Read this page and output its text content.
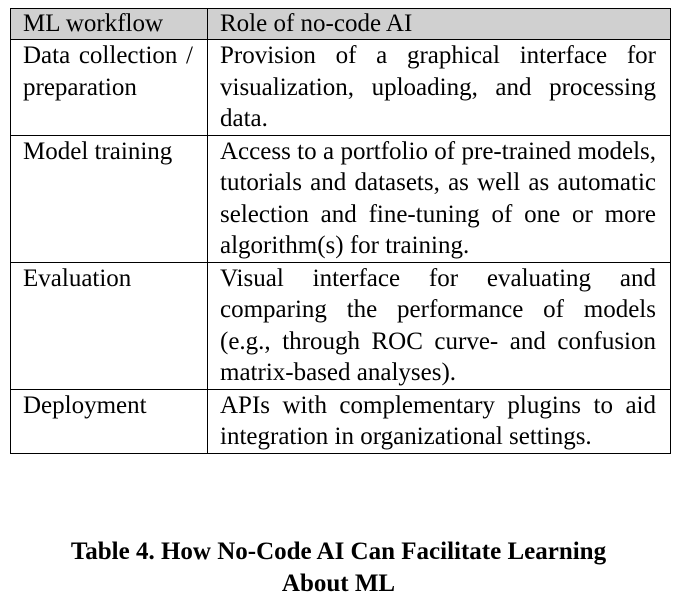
ML workflow	Role of no-code AI
Data collection / preparation	Provision of a graphical interface for visualization, uploading, and processing data.
Model training	Access to a portfolio of pre-trained models, tutorials and datasets, as well as automatic selection and fine-tuning of one or more algorithm(s) for training.
Evaluation	Visual interface for evaluating and comparing the performance of models (e.g., through ROC curve- and confusion matrix-based analyses).
Deployment	APIs with complementary plugins to aid integration in organizational settings.
Table 4. How No-Code AI Can Facilitate Learning
About ML
